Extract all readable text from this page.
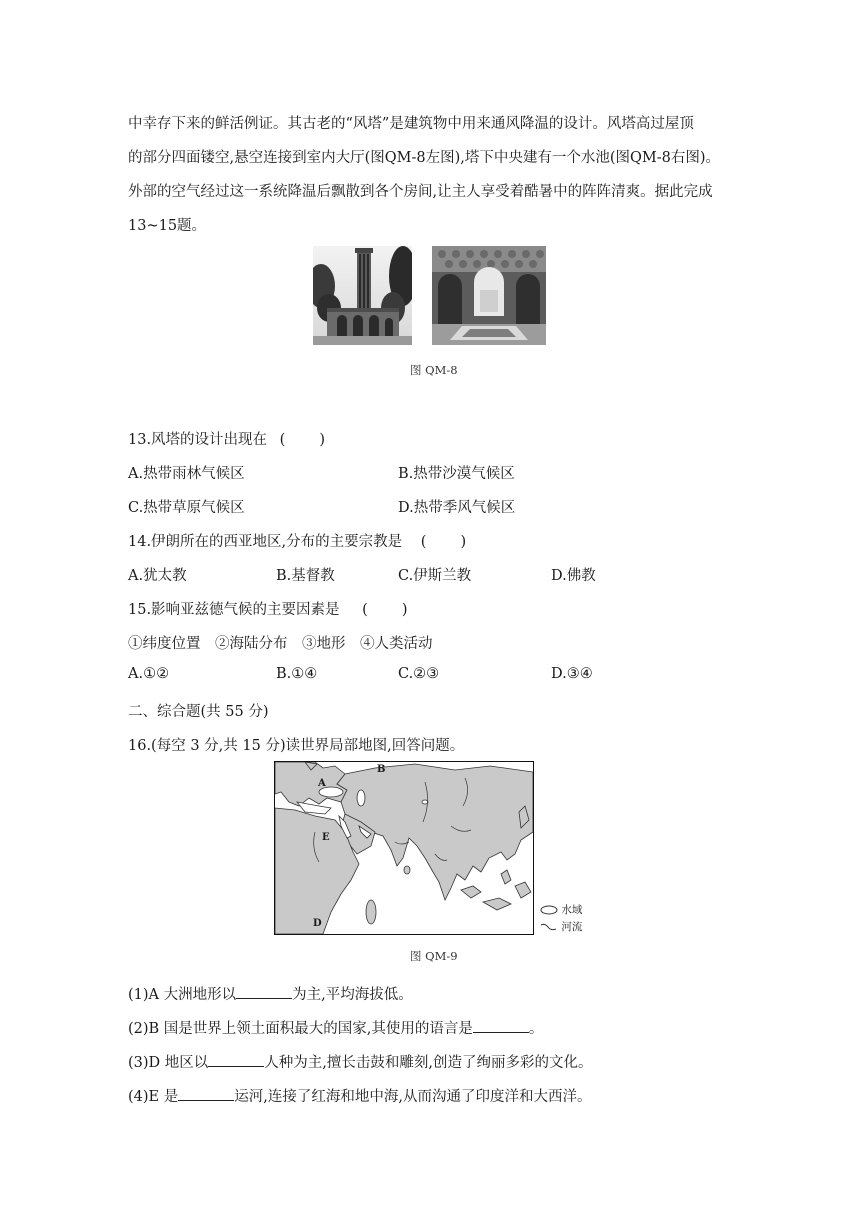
中幸存下来的鲜活例证。其古老的“风塔”是建筑物中用来通风降温的设计。风塔高过屋顶
的部分四面镂空,悬空连接到室内大厅(图QM-8左图),塔下中央建有一个水池(图QM-8右图)。
外部的空气经过这一系统降温后飘散到各个房间,让主人享受着酷暑中的阵阵清爽。据此完成
13~15题。
图 QM-8
13.风塔的设计出现在 ( )
A.热带雨林气候区	B.热带沙漠气候区
C.热带草原气候区	D.热带季风气候区
14.伊朗所在的西亚地区,分布的主要宗教是 ( )
A.犹太教	B.基督教	C.伊斯兰教	D.佛教
15.影响亚兹德气候的主要因素是 ( )
①纬度位置　②海陆分布　③地形　④人类活动
A.①②	B.①④	C.②③	D.③④
二、综合题(共 55 分)
16.(每空 3 分,共 15 分)读世界局部地图,回答问题。
A
B
E
D
水域
河流
图 QM-9
(1)A 大洲地形以	为主,平均海拔低。
(2)B 国是世界上领土面积最大的国家,其使用的语言是	。
(3)D 地区以	人种为主,擅长击鼓和雕刻,创造了绚丽多彩的文化。
(4)E 是	运河,连接了红海和地中海,从而沟通了印度洋和大西洋。
